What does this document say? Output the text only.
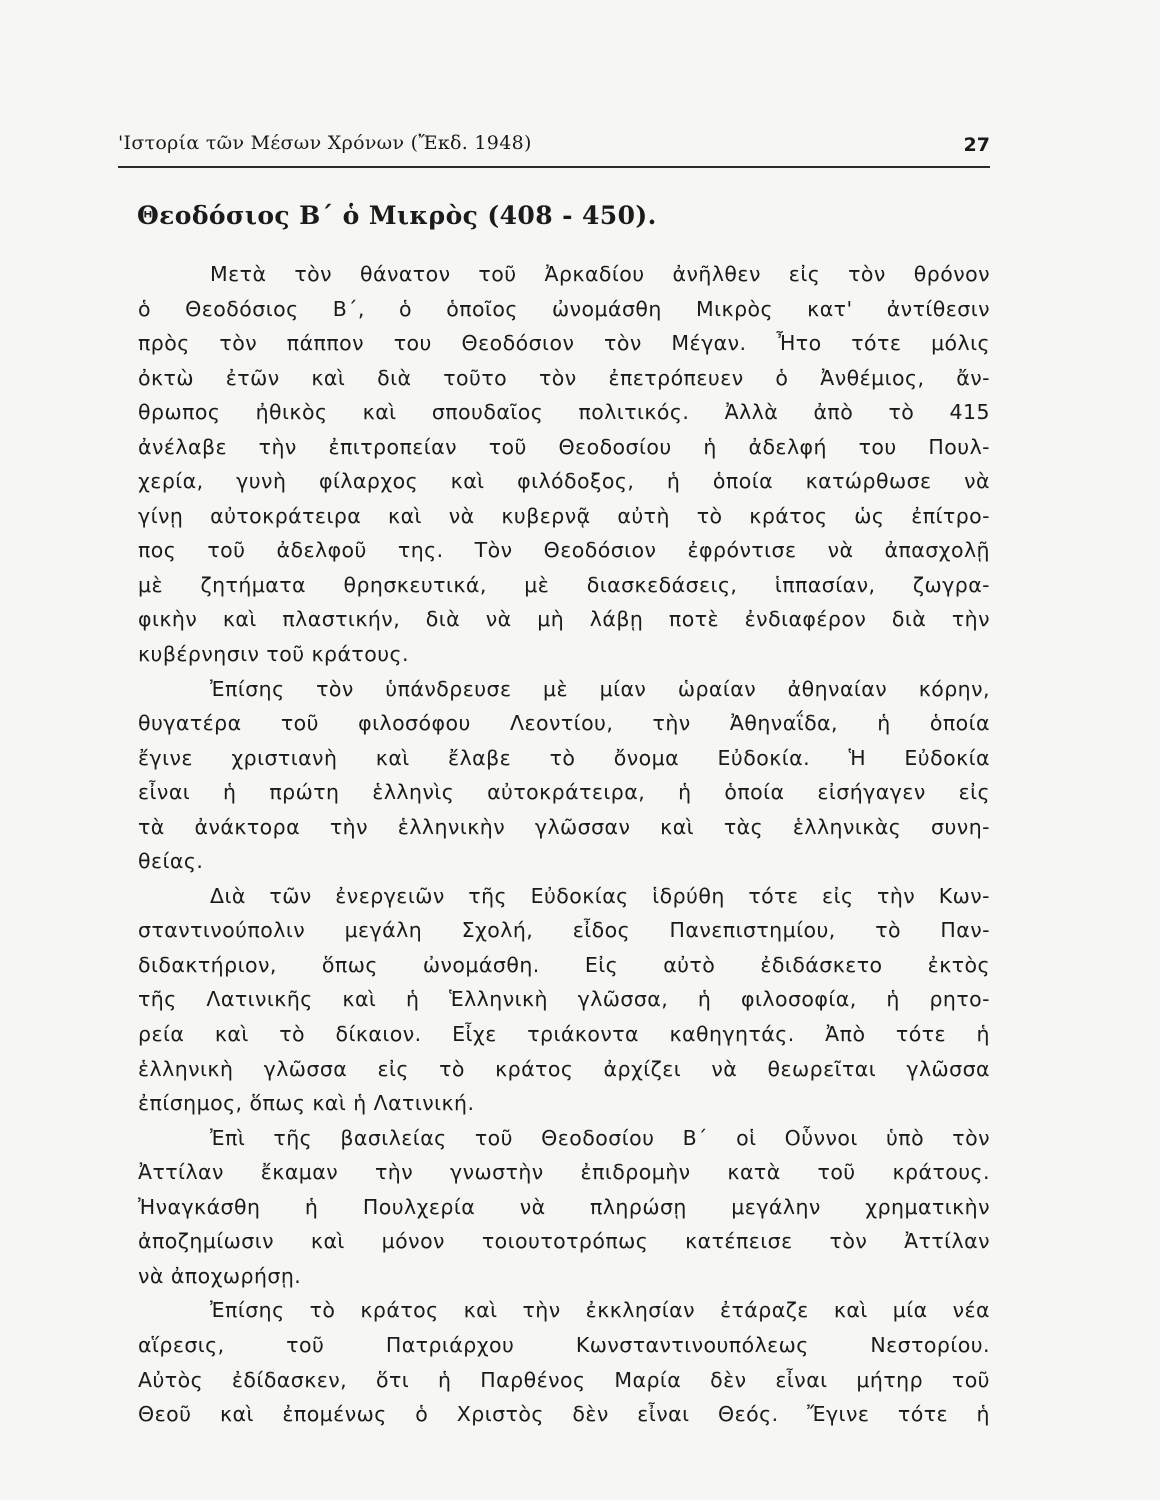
'Ιστορία τῶν Μέσων Χρόνων (Ἔκδ. 1948)	27
Θεοδόσιος Β΄ ὁ Μικρὸς (408 - 450).
Μετὰ τὸν θάνατον τοῦ Ἀρκαδίου ἀνῆλθεν εἰς τὸν θρόνον
ὁ Θεοδόσιος Β΄, ὁ ὁποῖος ὠνομάσθη Μικρὸς κατ' ἀντίθεσιν
πρὸς τὸν πάππον του Θεοδόσιον τὸν Μέγαν. Ἦτο τότε μόλις
ὀκτὼ ἐτῶν καὶ διὰ τοῦτο τὸν ἐπετρόπευεν ὁ Ἀνθέμιος, ἄν-
θρωπος ἠθικὸς καὶ σπουδαῖος πολιτικός. Ἀλλὰ ἀπὸ τὸ 415
ἀνέλαβε τὴν ἐπιτροπείαν τοῦ Θεοδοσίου ἡ ἀδελφή του Πουλ-
χερία, γυνὴ φίλαρχος καὶ φιλόδοξος, ἡ ὁποία κατώρθωσε νὰ
γίνῃ αὐτοκράτειρα καὶ νὰ κυβερνᾷ αὐτὴ τὸ κράτος ὡς ἐπίτρο-
πος τοῦ ἀδελφοῦ της. Τὸν Θεοδόσιον ἐφρόντισε νὰ ἀπασχολῇ
μὲ ζητήματα θρησκευτικά, μὲ διασκεδάσεις, ἱππασίαν, ζωγρα-
φικὴν καὶ πλαστικήν, διὰ νὰ μὴ λάβῃ ποτὲ ἐνδιαφέρον διὰ τὴν
κυβέρνησιν τοῦ κράτους.
Ἐπίσης τὸν ὑπάνδρευσε μὲ μίαν ὡραίαν ἀθηναίαν κόρην,
θυγατέρα τοῦ φιλοσόφου Λεοντίου, τὴν Ἀθηναΐδα, ἡ ὁποία
ἔγινε χριστιανὴ καὶ ἔλαβε τὸ ὄνομα Εὐδοκία. Ἡ Εὐδοκία
εἶναι ἡ πρώτη ἑλληνὶς αὐτοκράτειρα, ἡ ὁποία εἰσήγαγεν εἰς
τὰ ἀνάκτορα τὴν ἑλληνικὴν γλῶσσαν καὶ τὰς ἑλληνικὰς συνη-
θείας.
Διὰ τῶν ἐνεργειῶν τῆς Εὐδοκίας ἱδρύθη τότε εἰς τὴν Κων-
σταντινούπολιν μεγάλη Σχολή, εἶδος Πανεπιστημίου, τὸ Παν-
διδακτήριον, ὅπως ὠνομάσθη. Εἰς αὐτὸ ἐδιδάσκετο ἐκτὸς
τῆς Λατινικῆς καὶ ἡ Ἑλληνικὴ γλῶσσα, ἡ φιλοσοφία, ἡ ρητο-
ρεία καὶ τὸ δίκαιον. Εἶχε τριάκοντα καθηγητάς. Ἀπὸ τότε ἡ
ἑλληνικὴ γλῶσσα εἰς τὸ κράτος ἀρχίζει νὰ θεωρεῖται γλῶσσα
ἐπίσημος, ὅπως καὶ ἡ Λατινική.
Ἐπὶ τῆς βασιλείας τοῦ Θεοδοσίου Β΄ οἱ Οὗννοι ὑπὸ τὸν
Ἀττίλαν ἔκαμαν τὴν γνωστὴν ἐπιδρομὴν κατὰ τοῦ κράτους.
Ἠναγκάσθη ἡ Πουλχερία νὰ πληρώσῃ μεγάλην χρηματικὴν
ἀποζημίωσιν καὶ μόνον τοιουτοτρόπως κατέπεισε τὸν Ἀττίλαν
νὰ ἀποχωρήσῃ.
Ἐπίσης τὸ κράτος καὶ τὴν ἐκκλησίαν ἐτάραζε καὶ μία νέα
αἵρεσις, τοῦ Πατριάρχου Κωνσταντινουπόλεως Νεστορίου.
Αὐτὸς ἐδίδασκεν, ὅτι ἡ Παρθένος Μαρία δὲν εἶναι μήτηρ τοῦ
Θεοῦ καὶ ἐπομένως ὁ Χριστὸς δὲν εἶναι Θεός. Ἔγινε τότε ἡ
